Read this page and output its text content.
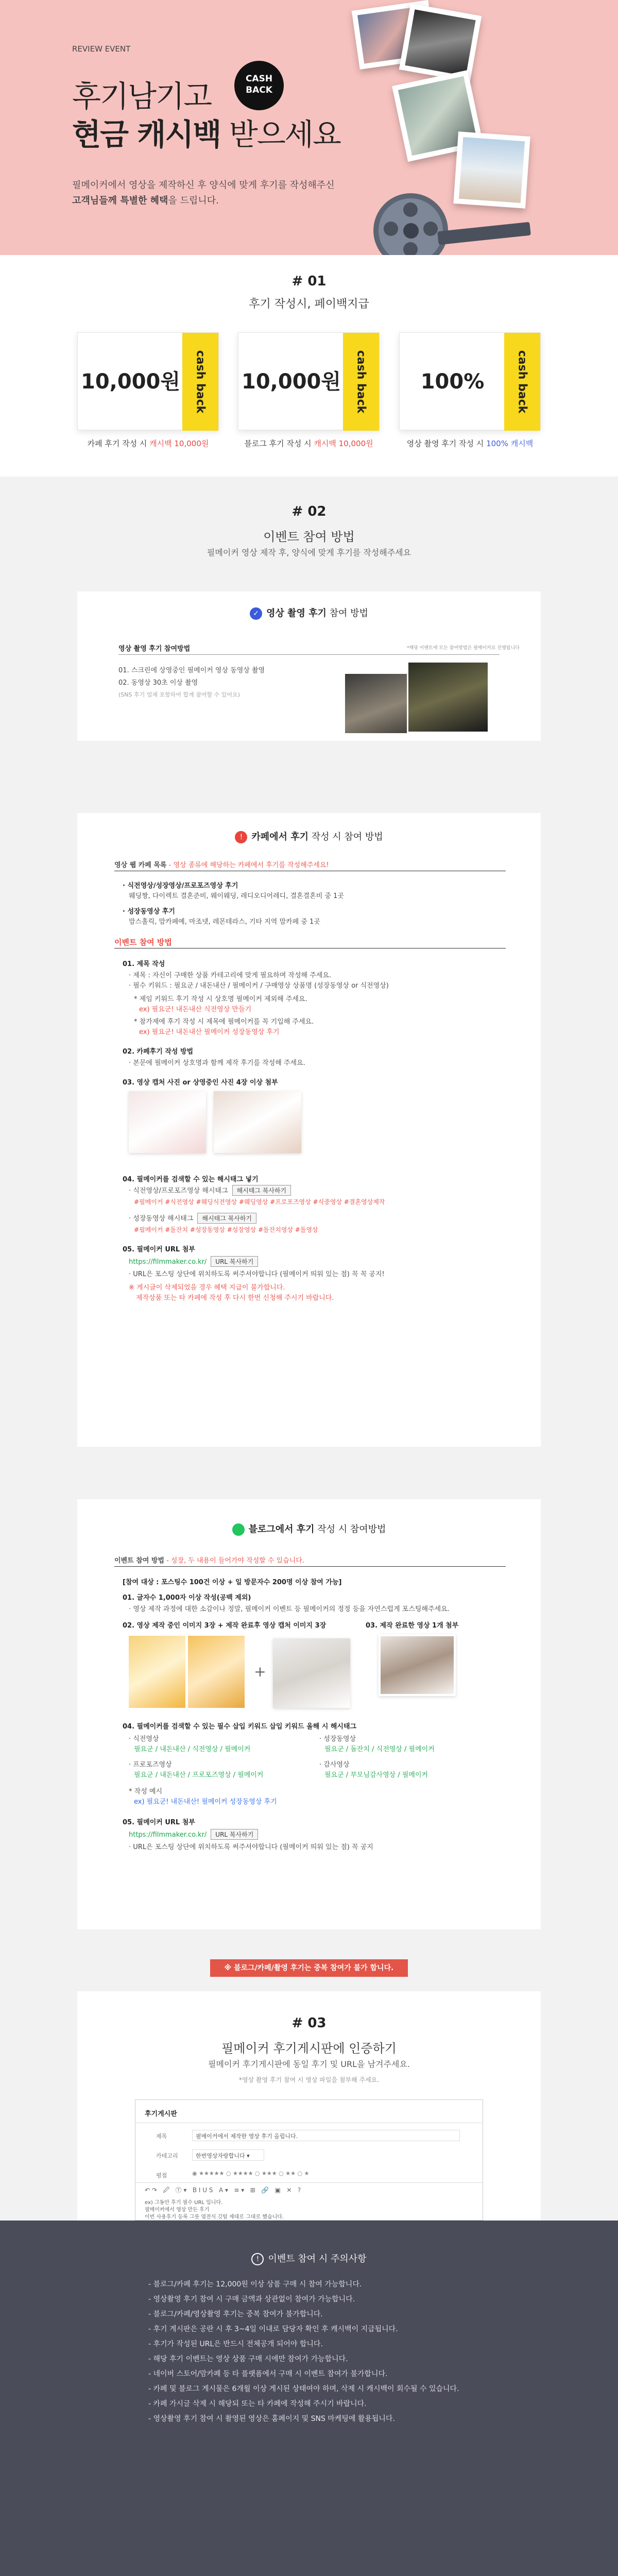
REVIEW EVENT
후기남기고
현금 캐시백 받으세요
CASH
BACK
필메이커에서 영상을 제작하신 후 양식에 맞게 후기를 작성해주신
고객님들께 특별한 혜택을 드립니다.
# 01
후기 작성시, 페이백지급
10,000원 cash back 10,000원 cash back	100%	cash back
카페 후기 작성 시 캐시백 10,000원	블로그 후기 작성 시 캐시백 10,000원	영상 촬영 후기 작성 시 100% 캐시백
# 02
이벤트 참여 방법
필메이커 영상 제작 후, 양식에 맞게 후기를 작성해주세요
✓ 영상 촬영 후기 참여 방법
영상 촬영 후기 참여방법	*해당 이벤트에 모든 참여방법은 필메이커로 진행됩니다
01. 스크린에 상영중인 필메이커 영상 동영상 촬영
02. 동영상 30초 이상 촬영
(SNS 후기 업체 포함하여 합계 참여할 수 있어요)
! 카페에서 후기 작성 시 참여 방법
영상 웹 카페 목록 - 영상 종류에 해당하는 카페에서 후기를 작성해주세요!
· 식전영상/성장영상/프로포즈영상 후기
웨딩짱, 다이렉트 결혼준비, 웨이웨딩, 레디오디어레디, 결혼결혼비 중 1곳
· 성장동영상 후기
맘스홀릭, 맘카페예, 마조넷, 레몬테라스, 기타 지역 맘카페 중 1곳
이벤트 참여 방법
01. 제목 작성
· 제목 : 자신이 구매한 상품 카테고리에 맞게 필요하며 작성해 주세요.
· 필수 키워드 : 필요군 / 내돈내산 / 필메이커 / 구매영상 상품명 (성장동영상 or 식전영상)
* 제임 키워드 후기 작성 시 상호명 필메이커 제외해 주세요.
ex) 필요군! 내돈내산 식전영상 만들기
* 참가제에 후기 작성 시 제목에 필메이커를 꼭 기입해 주세요.
ex) 필요군! 내돈내산 필메이커 성장동영상 후기
02. 카페후기 작성 방법
· 본문에 필메이커 상호명과 함께 제작 후기를 작성해 주세요.
03. 영상 캡처 사진 or 상영중인 사진 4장 이상 첨부
04. 필메이커를 검색할 수 있는 해시태그 넣기
· 식전영상/프로포즈영상 해시태그 해시태그 복사하기
#필메이커 #식전영상 #웨딩식전영상 #웨딩영상 #프로포즈영상 #식중영상 #결혼영상제작
· 성장동영상 해시태그 해시태그 복사하기
#필메이커 #돌잔치 #성장동영상 #성장영상 #돌잔치영상 #돌영상
05. 필메이커 URL 첨부
https://filmmaker.co.kr/ URL 복사하기
· URL은 포스팅 상단에 위치하도록 써주셔야합니다 (필메이커 띄워 있는 점) 꼭 꼭 공지!
※ 게시글이 삭제되었을 경우 혜택 지급이 불가합니다.
제작상품 또는 타 카페에 작성 후 다시 한번 신청해 주시기 바랍니다.
블로그에서 후기 작성 시 참여방법
이벤트 참여 방법 - 성장, 두 내용이 들어가야 작성할 수 있습니다.
[참여 대상 : 포스팅수 100건 이상 + 일 방문자수 200명 이상 참여 가능]
01. 글자수 1,000자 이상 작성(공백 제외)
· 영상 제작 과정에 대한 소감이나 정말, 필메이커 이벤트 등 필메이커의 정정 등을 자연스럽게 포스팅해주세요.
02. 영상 제작 중인 이미지 3장 + 제작 완료후 영상 캡처 이미지 3장	03. 제작 완료한 영상 1개 첨부
+
04. 필메이커를 검색할 수 있는 필수 삽입 키워드 삽입 키워드 올해 시 해시태그
· 식전영상
필요군 / 내돈내산 / 식전영상 / 필메이커
· 성장동영상
필요군 / 돌잔치 / 식전영상 / 필메이커
· 프로포즈영상
필요군 / 내돈내산 / 프로포즈영상 / 필메이커
· 감사영상
필요군 / 부모님감사영상 / 필메이커
* 작성 예시
ex) 필요군! 내돈내산! 필메이커 성장동영상 후기
05. 필메이커 URL 첨부
https://filmmaker.co.kr/ URL 복사하기
· URL은 포스팅 상단에 위치하도록 써주셔야합니다 (필메이커 띄워 있는 점) 꼭 공지
※ 블로그/카페/촬영 후기는 중복 참여가 불가 합니다.
# 03
필메이커 후기게시판에 인증하기
필메이커 후기게시판에 동일 후기 및 URL을 남겨주세요.
*영상 촬영 후기 참여 시 영상 파일을 첨부해 주세요.
후기게시판
제목	필메이커에서 제작한 영상 후기 올립니다.
카테고리	한번영상자랑합니다 ▾
평점	◉ ★★★★★ ○ ★★★★ ○ ★★★ ○ ★★ ○ ★
↶ ↷   🖉   Ⓣ ▾   B I U S   A ▾   ≡ ▾   ⊞   🔗   ▣   ✕   ?
ex) 그동안 후기 필수 URL 입니다.
필메이커에서 영상 만든 후기
이번 사용후기 등록 그릇 엽전식 깃털 제대로 그대로 했습니다.
! 이벤트 참여 시 주의사항
- 블로그/카페 후기는 12,000원 이상 상품 구매 시 참여 가능합니다.
- 영상촬영 후기 참여 시 구매 금액과 상관없이 참여가 가능합니다.
- 블로그/카페/영상촬영 후기는 중복 참여가 불가합니다.
- 후기 게시판은 공란 시 후 3~4일 이내로 담당자 확인 후 캐시백이 지급됩니다.
- 후기가 작성된 URL은 반드시 전체공개 되어야 합니다.
- 해당 후기 이벤트는 영상 상품 구매 시에만 참여가 가능합니다.
- 네이버 스토어/맘카페 등 타 플랫폼에서 구매 시 이벤트 참여가 불가합니다.
- 카페 및 블로그 게시물은 6개월 이상 게시된 상태여야 하며, 삭제 시 캐시백이 회수될 수 있습니다.
- 카페 가시글 삭제 시 해당되 또는 타 카페에 작성해 주시기 바랍니다.
- 영상촬영 후기 참여 시 촬영된 영상은 홈페이지 및 SNS 마케팅에 활용됩니다.
